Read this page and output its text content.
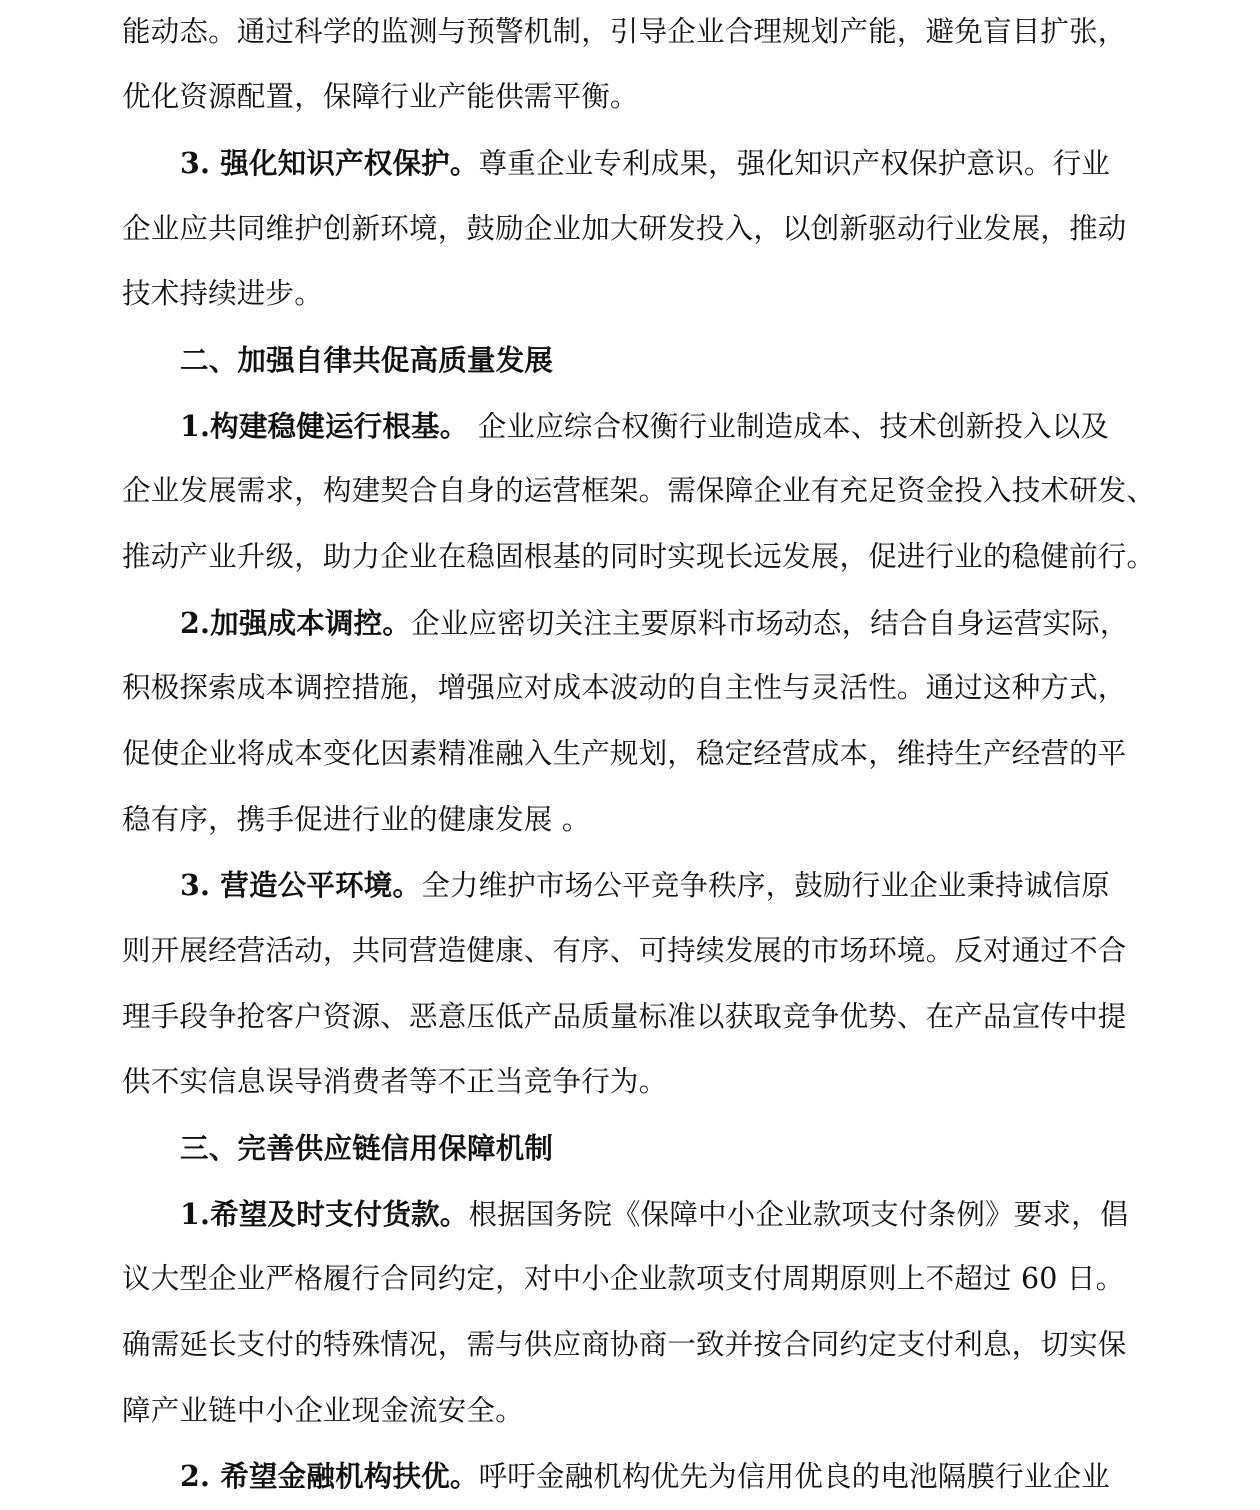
能动态。通过科学的监测与预警机制，引导企业合理规划产能，避免盲目扩张，
优化资源配置，保障行业产能供需平衡。
3. 强化知识产权保护。尊重企业专利成果，强化知识产权保护意识。行业
企业应共同维护创新环境，鼓励企业加大研发投入，以创新驱动行业发展，推动
技术持续进步。
二、加强自律共促高质量发展
1.构建稳健运行根基。 企业应综合权衡行业制造成本、技术创新投入以及
企业发展需求，构建契合自身的运营框架。需保障企业有充足资金投入技术研发、
推动产业升级，助力企业在稳固根基的同时实现长远发展，促进行业的稳健前行。
2.加强成本调控。企业应密切关注主要原料市场动态，结合自身运营实际，
积极探索成本调控措施，增强应对成本波动的自主性与灵活性。通过这种方式，
促使企业将成本变化因素精准融入生产规划，稳定经营成本，维持生产经营的平
稳有序，携手促进行业的健康发展 。
3. 营造公平环境。全力维护市场公平竞争秩序，鼓励行业企业秉持诚信原
则开展经营活动，共同营造健康、有序、可持续发展的市场环境。反对通过不合
理手段争抢客户资源、恶意压低产品质量标准以获取竞争优势、在产品宣传中提
供不实信息误导消费者等不正当竞争行为。
三、完善供应链信用保障机制
1.希望及时支付货款。根据国务院《保障中小企业款项支付条例》要求，倡
议大型企业严格履行合同约定，对中小企业款项支付周期原则上不超过 60 日。
确需延长支付的特殊情况，需与供应商协商一致并按合同约定支付利息，切实保
障产业链中小企业现金流安全。
2. 希望金融机构扶优。呼吁金融机构优先为信用优良的电池隔膜行业企业
